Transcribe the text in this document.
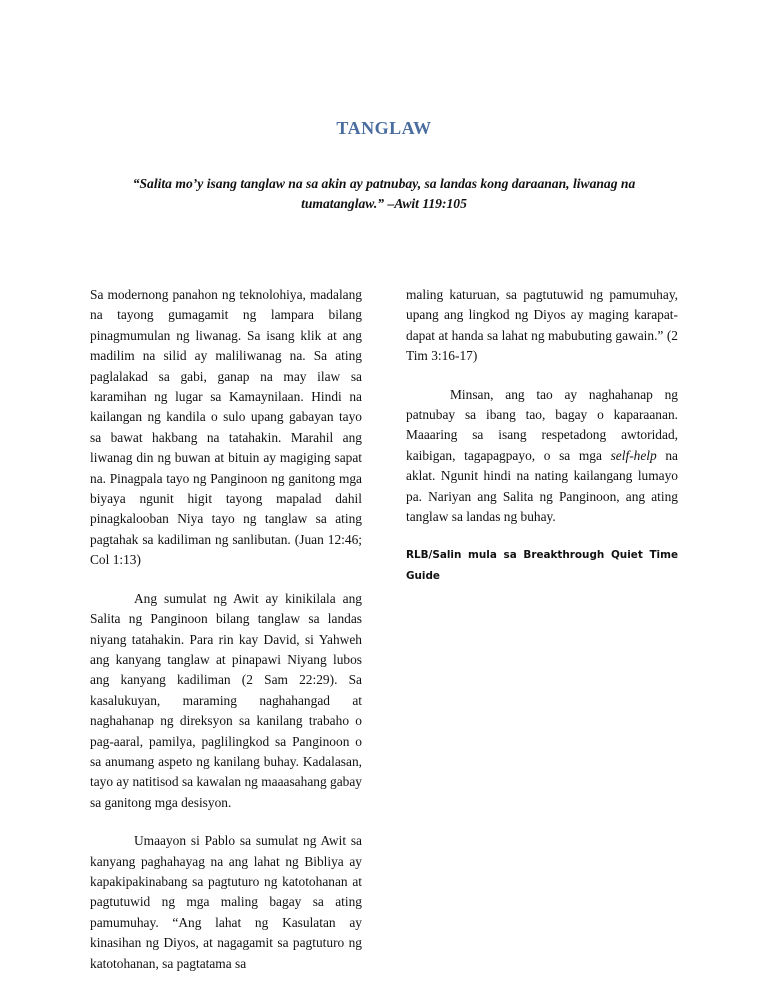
TANGLAW

“Salita mo’y isang tanglaw na sa akin ay patnubay, sa landas kong daraanan, liwanag na tumatanglaw.” –Awit 119:105

Sa modernong panahon ng teknolohiya, madalang na tayong gumagamit ng lampara bilang pinagmumulan ng liwanag. Sa isang klik at ang madilim na silid ay maliliwanag na. Sa ating paglalakad sa gabi, ganap na may ilaw sa karamihan ng lugar sa Kamaynilaan. Hindi na kailangan ng kandila o sulo upang gabayan tayo sa bawat hakbang na tatahakin. Marahil ang liwanag din ng buwan at bituin ay magiging sapat na. Pinagpala tayo ng Panginoon ng ganitong mga biyaya ngunit higit tayong mapalad dahil pinagkalooban Niya tayo ng tanglaw sa ating pagtahak sa kadiliman ng sanlibutan. (Juan 12:46; Col 1:13)

Ang sumulat ng Awit ay kinikilala ang Salita ng Panginoon bilang tanglaw sa landas niyang tatahakin. Para rin kay David, si Yahweh ang kanyang tanglaw at pinapawi Niyang lubos ang kanyang kadiliman (2 Sam 22:29). Sa kasalukuyan, maraming naghahangad at naghahanap ng direksyon sa kanilang trabaho o pag-aaral, pamilya, paglilingkod sa Panginoon o sa anumang aspeto ng kanilang buhay. Kadalasan, tayo ay natitisod sa kawalan ng maaasahang gabay sa ganitong mga desisyon.

Umaayon si Pablo sa sumulat ng Awit sa kanyang paghahayag na ang lahat ng Bibliya ay kapakipakinabang sa pagtuturo ng katotohanan at pagtutuwid ng mga maling bagay sa ating pamumuhay. “Ang lahat ng Kasulatan ay kinasihan ng Diyos, at nagagamit sa pagtuturo ng katotohanan, sa pagtatama sa

maling katuruan, sa pagtutuwid ng pamumuhay, upang ang lingkod ng Diyos ay maging karapat-dapat at handa sa lahat ng mabubuting gawain.” (2 Tim 3:16-17)

Minsan, ang tao ay naghahanap ng patnubay sa ibang tao, bagay o kaparaanan. Maaaring sa isang respetadong awtoridad, kaibigan, tagapagpayo, o sa mga self-help na aklat. Ngunit hindi na nating kailangang lumayo pa. Nariyan ang Salita ng Panginoon, ang ating tanglaw sa landas ng buhay.

RLB/Salin mula sa Breakthrough Quiet Time Guide
